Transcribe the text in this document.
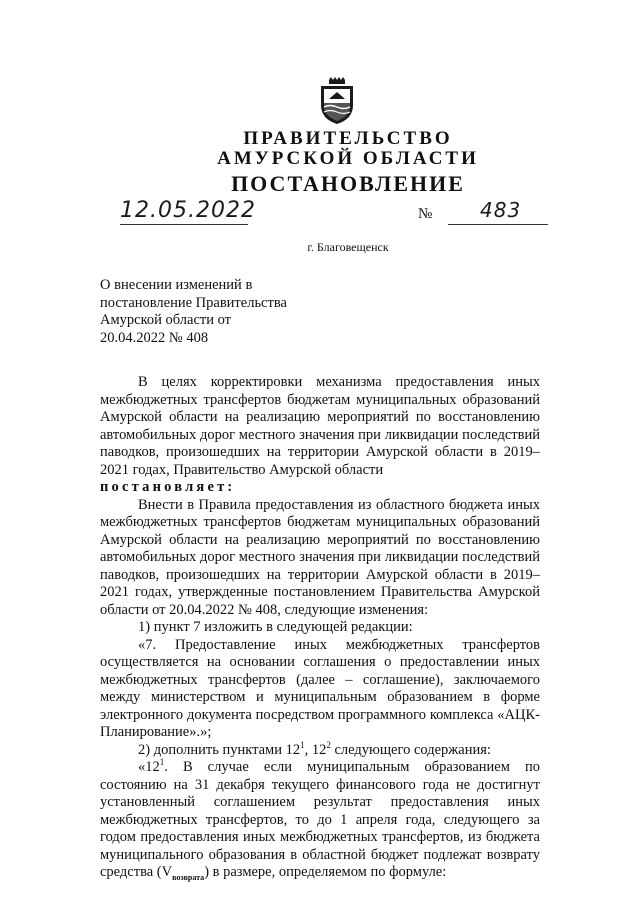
ПРАВИТЕЛЬСТВО
АМУРСКОЙ ОБЛАСТИ
ПОСТАНОВЛЕНИЕ
12.05.2022	№ 483
г. Благовещенск
О внесении изменений в
постановление Правительства
Амурской области от
20.04.2022 № 408

В целях корректировки механизма предоставления иных межбюджетных трансфертов бюджетам муниципальных образований Амурской области на реализацию мероприятий по восстановлению автомобильных дорог местного значения при ликвидации последствий паводков, произошедших на территории Амурской области в 2019–2021 годах, Правительство Амурской области

постановляет:

Внести в Правила предоставления из областного бюджета иных межбюджетных трансфертов бюджетам муниципальных образований Амурской области на реализацию мероприятий по восстановлению автомобильных дорог местного значения при ликвидации последствий паводков, произошедших на территории Амурской области в 2019–2021 годах, утвержденные постановлением Правительства Амурской области от 20.04.2022 № 408, следующие изменения:

1) пункт 7 изложить в следующей редакции:

«7. Предоставление иных межбюджетных трансфертов осуществляется на основании соглашения о предоставлении иных межбюджетных трансфертов (далее – соглашение), заключаемого между министерством и муниципальным образованием в форме электронного документа посредством программного комплекса «АЦК-Планирование».»;

2) дополнить пунктами $12^1$, $12^2$ следующего содержания:

«$12^1$. В случае если муниципальным образованием по состоянию на 31 декабря текущего финансового года не достигнут установленный соглашением результат предоставления иных межбюджетных трансфертов, то до 1 апреля года, следующего за годом предоставления иных межбюджетных трансфертов, из бюджета муниципального образования в областной бюджет подлежат возврату средства $(V_{возврата})$ в размере, определяемом по формуле:
